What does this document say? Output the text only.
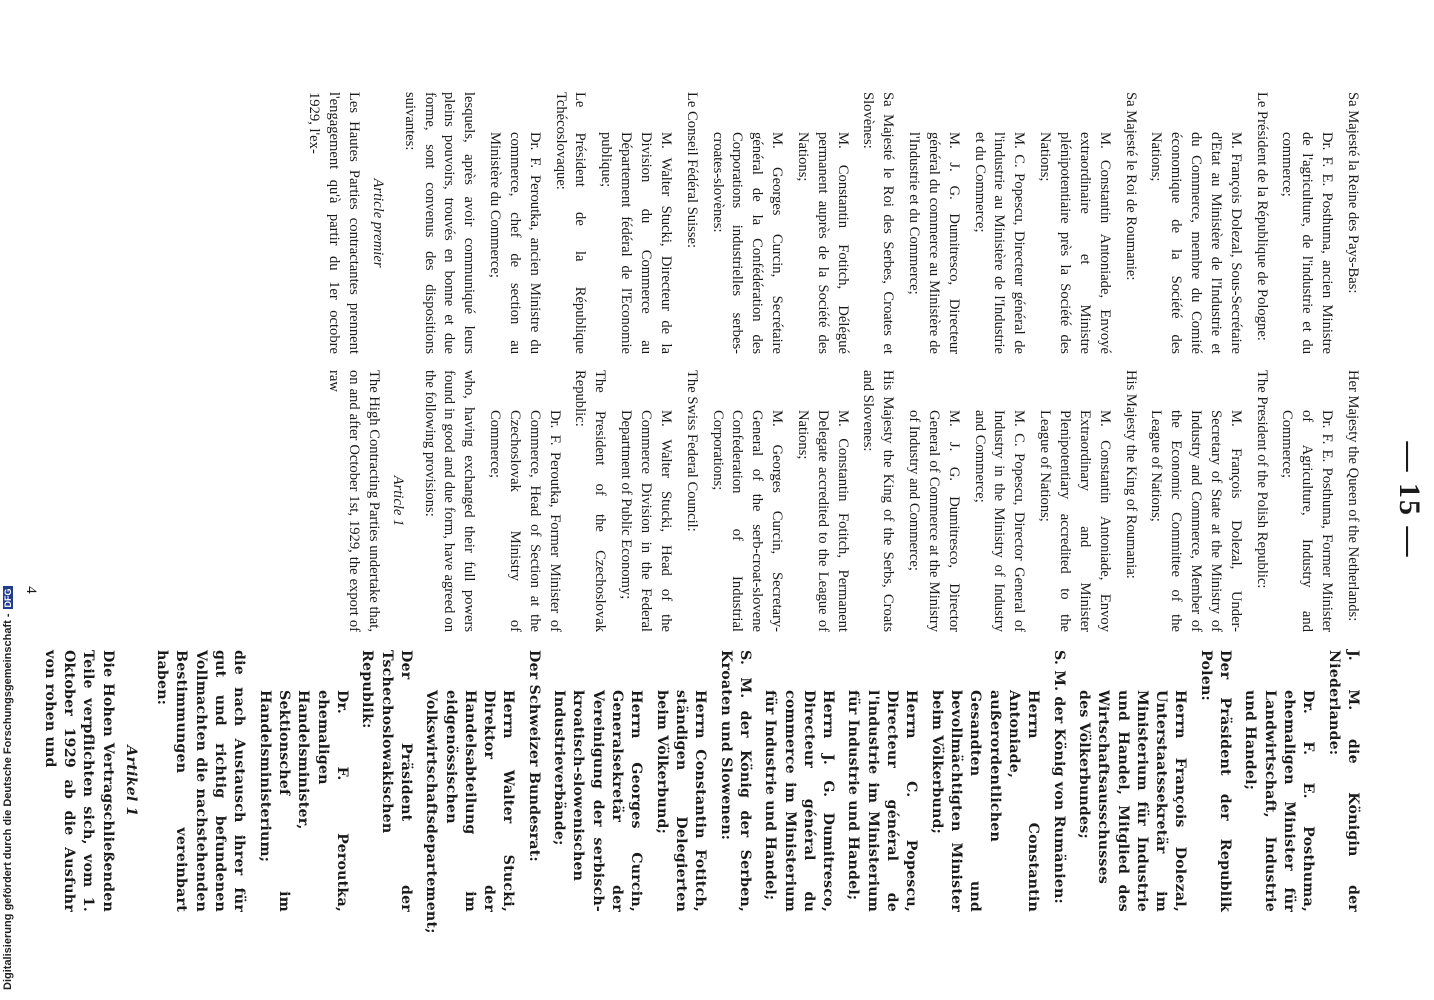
— 15 —

Sa Majesté la Reine des Pays-Bas:

Dr. F. E. Posthuma, ancien Ministre de l'agriculture, de l'industrie et du commerce;

Le Président de la République de Pologne:

M. François Dolezal, Sous-Secrétaire d'Etat au Ministère de l'Industrie et du Commerce, membre du Comité économique de la Société des Nations;

Sa Majesté le Roi de Roumanie:

M. Constantin Antoniade, Envoyé extraordinaire et Ministre plénipotentiaire près la Société des Nations;

M. C. Popescu, Directeur général de l'industrie au Ministère de l'Industrie et du Commerce;

M. J. G. Dumitresco, Directeur général du commerce au Ministère de l'Industrie et du Commerce;

Sa Majesté le Roi des Serbes, Croates et Slovènes:

M. Constantin Fotitch, Délégué permanent auprès de la Société des Nations;

M. Georges Curcin, Secrétaire général de la Confédération des Corporations industrielles serbes-croates-slovènes:

Le Conseil Fédéral Suisse:

M. Walter Stucki, Directeur de la Division du Commerce au Département fédéral de l'Economie publique;

Le Président de la République Tchécoslovaque:

Dr. F. Peroutka, ancien Ministre du commerce, chef de section au Ministère du Commerce;

lesquels, après avoir communiqué leurs pleins pouvoirs, trouvés en bonne et due forme, sont convenus des dispositions suivantes:

Article premier

Les Hautes Parties contractantes prennent l'engagement qu'à partir du 1er octobre 1929, l'ex-

Her Majesty the Queen of the Netherlands:

Dr. F. E. Posthuma, Former Minister of Agriculture, Industry and Commerce;

The President of the Polish Republic:

M. François Dolezal, Under-Secretary of State at the Ministry of Industry and Commerce, Member of the Economic Committee of the League of Nations;

His Majesty the King of Roumania:

M. Constantin Antoniade, Envoy Extraordinary and Minister Plenipotentiary accredited to the League of Nations;

M. C. Popescu, Director General of Industry in the Ministry of Industry and Commerce;

M. J. G. Dumitresco, Director General of Commerce at the Ministry of Industry and Commerce;

His Majesty the King of the Serbs, Croats and Slovenes:

M. Constantin Fotitch, Permanent Delegate accredited to the League of Nations;

M. Georges Curcin, Secretary-General of the serb-croat-slovene Confederation of Industrial Corporations;

The Swiss Federal Council:

M. Walter Stucki, Head of the Commerce Division in the Federal Department of Public Economy;

The President of the Czechoslovak Republic:

Dr. F. Peroutka, Former Minister of Commerce, Head of Section at the Czechoslovak Ministry of Commerce;

who, having exchanged their full powers found in good and due form, have agreed on the following provisions:

Article 1

The High Contracting Parties undertake that, on and after October 1st, 1929, the export of raw

J. M. die Königin der Niederlande:

Dr. F. E. Posthuma, ehemaligen Minister für Landwirtschaft, Industrie und Handel;

Der Präsident der Republik Polen:

Herrn François Dolezal, Unterstaatssekretär im Ministerium für Industrie und Handel, Mitglied des Wirtschaftsausschusses des Völkerbundes;

S. M. der König von Rumänien:

Herrn Constantin Antoniade, außerordentlichen Gesandten und bevollmächtigten Minister beim Völkerbund;

Herrn C. Popescu, Directeur général de l'industrie im Ministerium für Industrie und Handel;

Herrn J. G. Dumitresco, Directeur général du commerce im Ministerium für Industrie und Handel;

S. M. der König der Serben, Kroaten und Slowenen:

Herrn Constantin Fotitch, ständigen Delegierten beim Völkerbund;

Herrn Georges Curcin, Generalsekretär der Vereinigung der serbisch-kroatisch-slowenischen Industrieverbände;

Der Schweizer Bundesrat:

Herrn Walter Stucki, Direktor der Handelsabteilung im eidgenössischen Volkswirtschaftsdepartement;

Der Präsident der Tschechoslowakischen Republik:

Dr. F. Peroutka, ehemaligen Handelsminister, Sektionschef im Handelsministerium;

die nach Austausch ihrer für gut und richtig befundenen Vollmachten die nachstehenden Bestimmungen vereinbart haben:

Artikel 1

Die Hohen Vertragschließenden Teile verpflichten sich, vom 1. Oktober 1929 ab die Ausfuhr von rohen und

4
Digitalisierung gefördert durch die Deutsche Forschungsgemeinschaft -DFG
